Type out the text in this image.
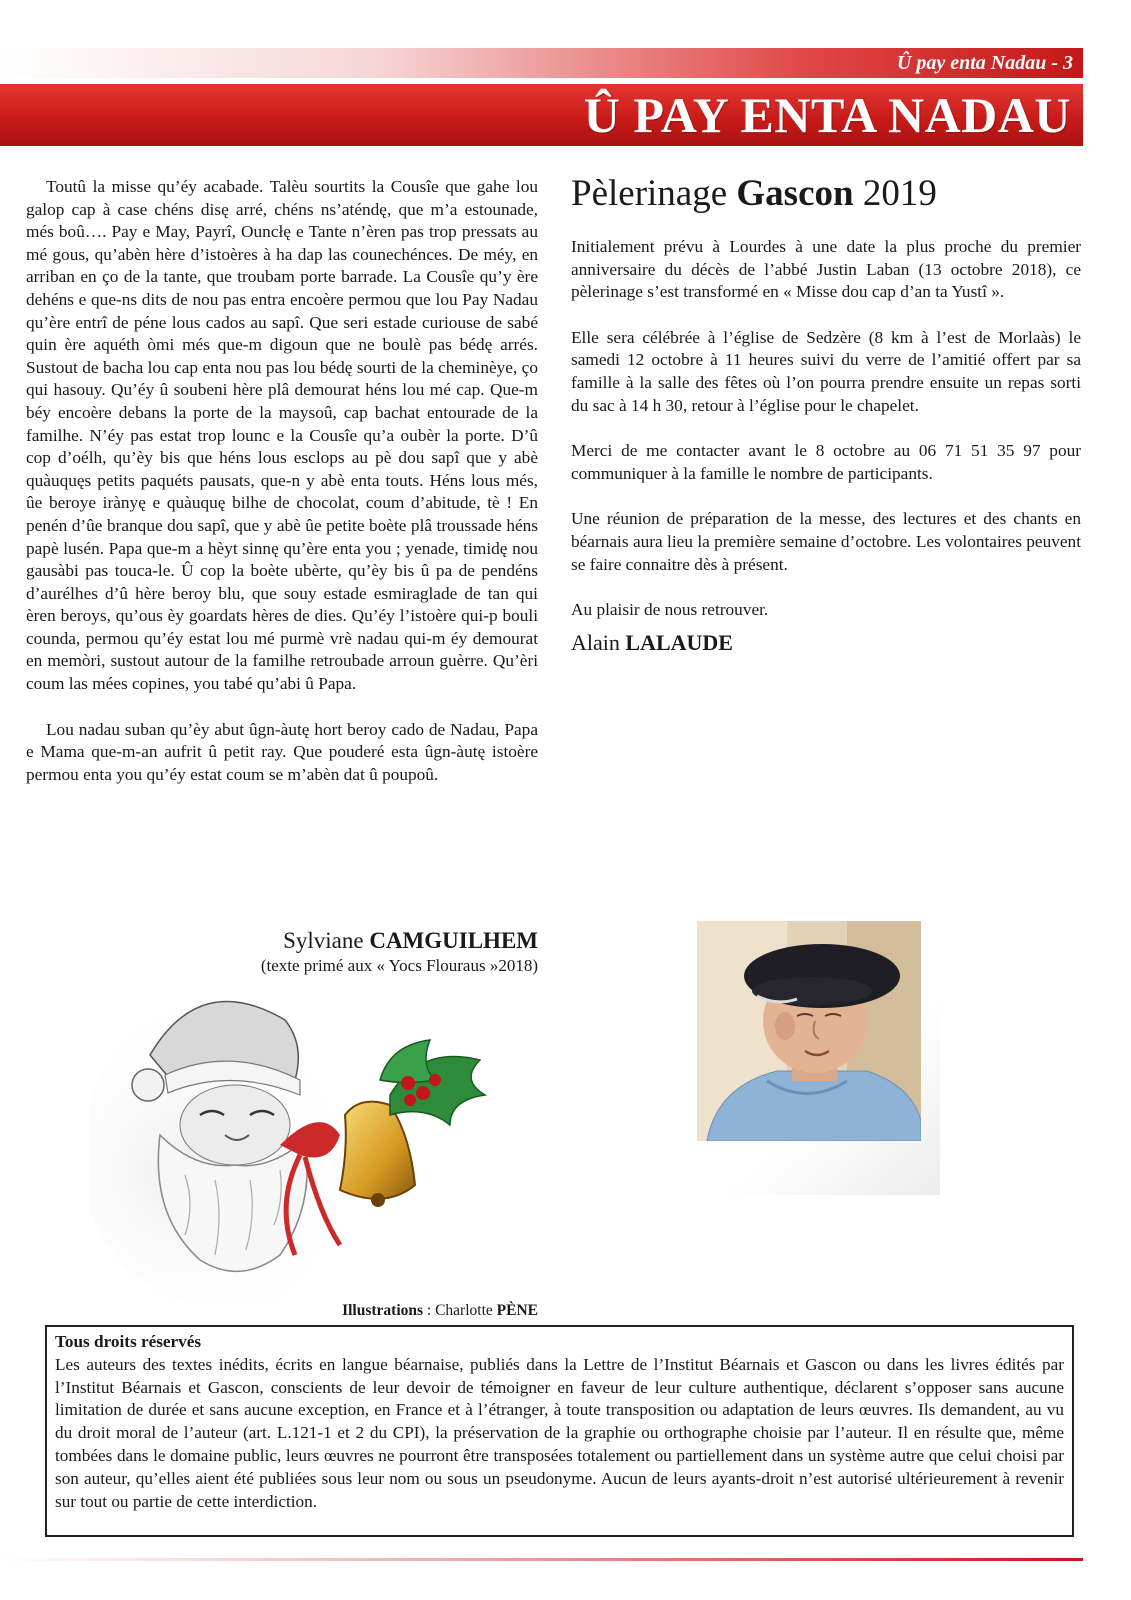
Û pay enta Nadau - 3
Û PAY ENTA NADAU

Toutû la misse qu’éy acabade. Talèu sourtits la Cousîe que gahe lou galop cap à case chéns disę arré, chéns ns’aténdę, que m’a estounade, més boû…. Pay e May, Payrî, Ouncłę e Tante n’èren pas trop pressats au mé gous, qu’abèn hère d’istoères à ha dap las counechénces. De méy, en arriban en ço de la tante, que troubam porte barrade. La Cousîe qu’y ère dehéns e que-ns dits de nou pas entra encoère permou que lou Pay Nadau qu’ère entrî de péne lous cados au sapî. Que seri estade curiouse de sabé quin ère aquéth òmi més que-m digoun que ne boulè pas bédę arrés. Sustout de bacha lou cap enta nou pas lou bédę sourti de la cheminèye, ço qui hasouy. Qu’éy û soubeni hère plâ demourat héns lou mé cap. Que-m béy encoère debans la porte de la maysoû, cap bachat entourade de la familhe. N’éy pas estat trop lounc e la Cousîe qu’a oubèr la porte. D’û cop d’oélh, qu’èy bis que héns lous esclops au pè dou sapî que y abè quàuquęs petits paquéts pausats, que-n y abè enta touts. Héns lous més, ûe beroye irànyę e quàuquę bilhe de chocolat, coum d’abitude, tè ! En penén d’ûe branque dou sapî, que y abè ûe petite boète plâ troussade héns papè lusén. Papa que-m a hèyt sinnę qu’ère enta you ; yenade, timidę nou gausàbi pas touca-le. Û cop la boète ubèrte, qu’èy bis û pa de pendéns d’aurélhes d’û hère beroy blu, que souy estade esmiraglade de tan qui èren beroys, qu’ous èy goardats hères de dies. Qu’éy l’istoère qui-p bouli counda, permou qu’éy estat lou mé purmè vrè nadau qui-m éy demourat en memòri, sustout autour de la familhe retroubade arroun guèrre. Qu’èri coum las mées copines, you tabé qu’abi û Papa.

Lou nadau suban qu’èy abut ûgn-àutę hort beroy cado de Nadau, Papa e Mama que-m-an aufrit û petit ray. Que pouderé esta ûgn-àutę istoère permou enta you qu’éy estat coum se m’abèn dat û poupoû.

Sylviane CAMGUILHEM
(texte primé aux « Yocs Flouraus »2018)
Illustrations : Charlotte PÈNE
Pèlerinage Gascon 2019

Initialement prévu à Lourdes à une date la plus proche du premier anniversaire du décès de l’abbé Justin Laban (13 octobre 2018), ce pèlerinage s’est transformé en « Misse dou cap d’an ta Yustî ».

Elle sera célébrée à l’église de Sedzère (8 km à l’est de Morlaàs) le samedi 12 octobre à 11 heures suivi du verre de l’amitié offert par sa famille à la salle des fêtes où l’on pourra prendre ensuite un repas sorti du sac à 14 h 30, retour à l’église pour le chapelet.

Merci de me contacter avant le 8 octobre au 06 71 51 35 97 pour communiquer à la famille le nombre de participants.

Une réunion de préparation de la messe, des lectures et des chants en béarnais aura lieu la première semaine d’octobre. Les volontaires peuvent se faire connaitre dès à présent.

Au plaisir de nous retrouver.

Alain LALAUDE
Tous droits réservés

Les auteurs des textes inédits, écrits en langue béarnaise, publiés dans la Lettre de l’Institut Béarnais et Gascon ou dans les livres édités par l’Institut Béarnais et Gascon, conscients de leur devoir de témoigner en faveur de leur culture authentique, déclarent s’opposer sans aucune limitation de durée et sans aucune exception, en France et à l’étranger, à toute transposition ou adaptation de leurs œuvres. Ils demandent, au vu du droit moral de l’auteur (art. L.121-1 et 2 du CPI), la préservation de la graphie ou orthographe choisie par l’auteur. Il en résulte que, même tombées dans le domaine public, leurs œuvres ne pourront être transposées totalement ou partiellement dans un système autre que celui choisi par son auteur, qu’elles aient été publiées sous leur nom ou sous un pseudonyme. Aucun de leurs ayants-droit n’est autorisé ultérieurement à revenir sur tout ou partie de cette interdiction.
